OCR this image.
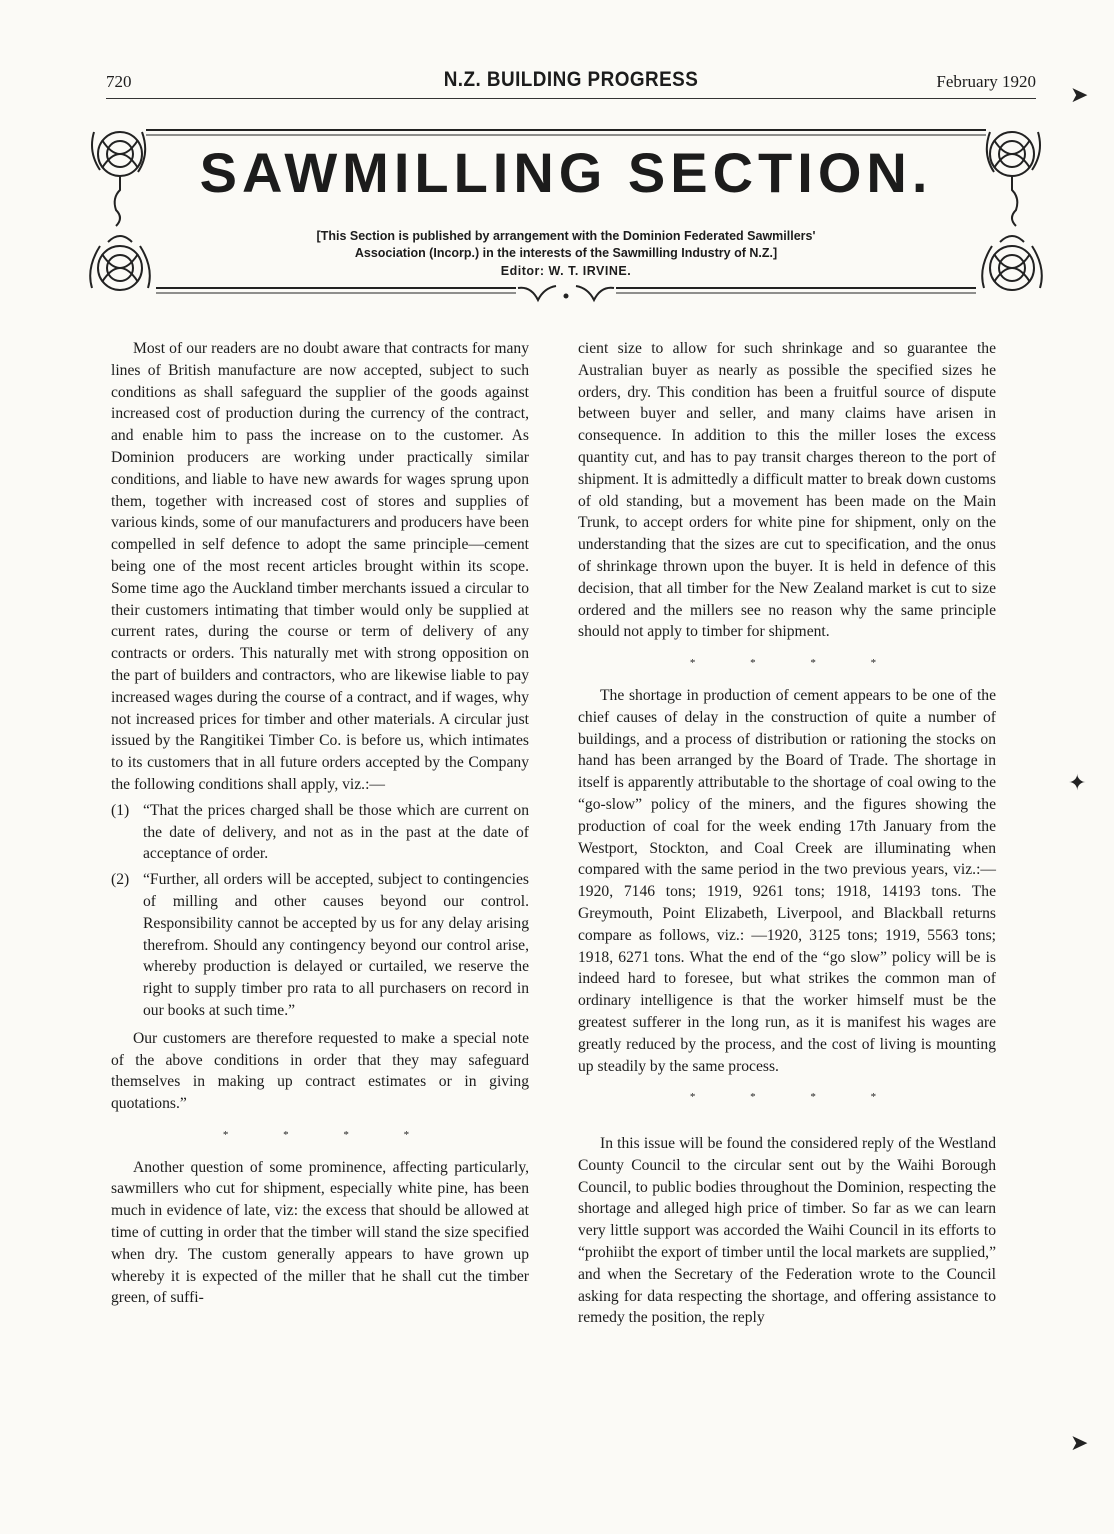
720	N.Z. BUILDING PROGRESS	February 1920
SAWMILLING SECTION.
[This Section is published by arrangement with the Dominion Federated Sawmillers'
Association (Incorp.) in the interests of the Sawmilling Industry of N.Z.]
Editor: W. T. IRVINE.

Most of our readers are no doubt aware that contracts for many lines of British manufacture are now accepted, subject to such conditions as shall safeguard the supplier of the goods against increased cost of production during the currency of the contract, and enable him to pass the increase on to the customer. As Dominion producers are working under practically similar conditions, and liable to have new awards for wages sprung upon them, together with increased cost of stores and supplies of various kinds, some of our manufacturers and producers have been compelled in self defence to adopt the same principle—cement being one of the most recent articles brought within its scope. Some time ago the Auckland timber merchants issued a circular to their customers intimating that timber would only be supplied at current rates, during the course or term of delivery of any contracts or orders. This naturally met with strong opposition on the part of builders and contractors, who are likewise liable to pay increased wages during the course of a contract, and if wages, why not increased prices for timber and other materials. A circular just issued by the Rangitikei Timber Co. is before us, which intimates to its customers that in all future orders accepted by the Company the following conditions shall apply, viz.:—

(1) “That the prices charged shall be those which are current on the date of delivery, and not as in the past at the date of acceptance of order.
(2) “Further, all orders will be accepted, subject to contingencies of milling and other causes beyond our control. Responsibility cannot be accepted by us for any delay arising therefrom. Should any contingency beyond our control arise, whereby production is delayed or curtailed, we reserve the right to supply timber pro rata to all purchasers on record in our books at such time.”

Our customers are therefore requested to make a special note of the above conditions in order that they may safeguard themselves in making up contract estimates or in giving quotations.”

* * * *

Another question of some prominence, affecting particularly, sawmillers who cut for shipment, especially white pine, has been much in evidence of late, viz: the excess that should be allowed at time of cutting in order that the timber will stand the size specified when dry. The custom generally appears to have grown up whereby it is expected of the miller that he shall cut the timber green, of suffi-

cient size to allow for such shrinkage and so guarantee the Australian buyer as nearly as possible the specified sizes he orders, dry. This condition has been a fruitful source of dispute between buyer and seller, and many claims have arisen in consequence. In addition to this the miller loses the excess quantity cut, and has to pay transit charges thereon to the port of shipment. It is admittedly a difficult matter to break down customs of old standing, but a movement has been made on the Main Trunk, to accept orders for white pine for shipment, only on the understanding that the sizes are cut to specification, and the onus of shrinkage thrown upon the buyer. It is held in defence of this decision, that all timber for the New Zealand market is cut to size ordered and the millers see no reason why the same principle should not apply to timber for shipment.

* * * *

The shortage in production of cement appears to be one of the chief causes of delay in the construction of quite a number of buildings, and a process of distribution or rationing the stocks on hand has been arranged by the Board of Trade. The shortage in itself is apparently attributable to the shortage of coal owing to the “go-slow” policy of the miners, and the figures showing the production of coal for the week ending 17th January from the Westport, Stockton, and Coal Creek are illuminating when compared with the same period in the two previous years, viz.:—1920, 7146 tons; 1919, 9261 tons; 1918, 14193 tons. The Greymouth, Point Elizabeth, Liverpool, and Blackball returns compare as follows, viz.: —1920, 3125 tons; 1919, 5563 tons; 1918, 6271 tons. What the end of the “go slow” policy will be is indeed hard to foresee, but what strikes the common man of ordinary intelligence is that the worker himself must be the greatest sufferer in the long run, as it is manifest his wages are greatly reduced by the process, and the cost of living is mounting up steadily by the same process.

* * * *

In this issue will be found the considered reply of the Westland County Council to the circular sent out by the Waihi Borough Council, to public bodies throughout the Dominion, respecting the shortage and alleged high price of timber. So far as we can learn very little support was accorded the Waihi Council in its efforts to “prohiibt the export of timber until the local markets are supplied,” and when the Secretary of the Federation wrote to the Council asking for data respecting the shortage, and offering assistance to remedy the position, the reply

➤
✦
➤
